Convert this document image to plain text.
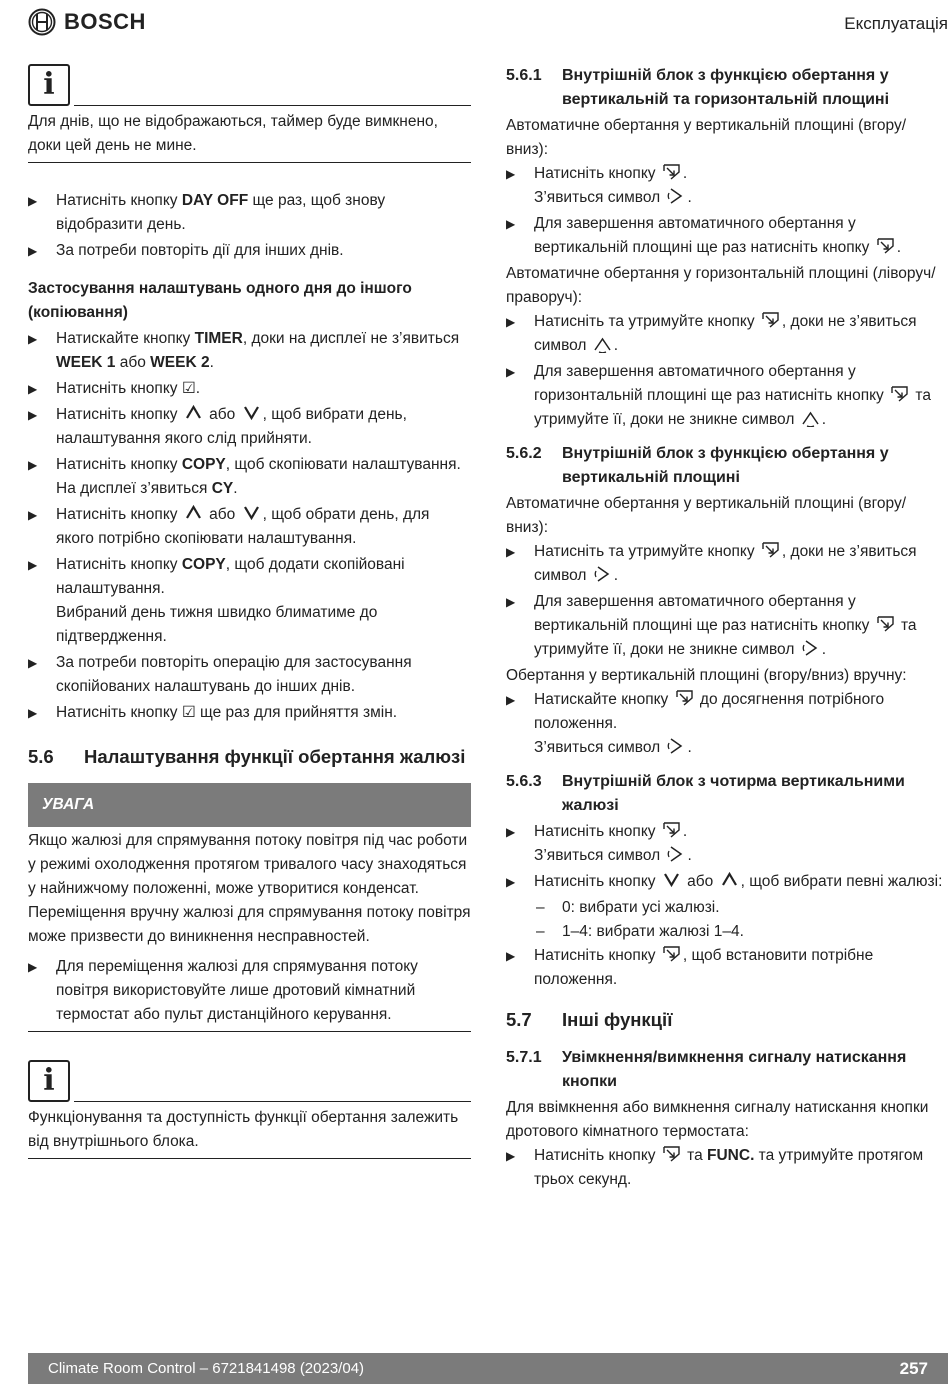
BOSCH	Експлуатація
i
Для днів, що не відображаються, таймер буде вимкнено, доки цей день не мине.
▶ Натисніть кнопку DAY OFF ще раз, щоб знову відобразити день.
▶ За потреби повторіть дії для інших днів.
Застосування налаштувань одного дня до іншого (копіювання)
▶ Натискайте кнопку TIMER, доки на дисплеї не з’явиться WEEK 1 або WEEK 2.
▶ Натисніть кнопку ☑.
▶ Натисніть кнопку  або , щоб вибрати день, налаштування якого слід прийняти.
▶ Натисніть кнопку COPY, щоб скопіювати налаштування.
На дисплеї з’явиться CY.
▶ Натисніть кнопку  або , щоб обрати день, для якого потрібно скопіювати налаштування.
▶ Натисніть кнопку COPY, щоб додати скопійовані налаштування.
Вибраний день тижня швидко блиматиме до підтвердження.
▶ За потреби повторіть операцію для застосування скопійованих налаштувань до інших днів.
▶ Натисніть кнопку ☑ ще раз для прийняття змін.
5.6	Налаштування функції обертання жалюзі
УВАГА
Якщо жалюзі для спрямування потоку повітря під час роботи у режимі охолодження протягом тривалого часу знаходяться у найнижчому положенні, може утворитися конденсат. Переміщення вручну жалюзі для спрямування потоку повітря може призвести до виникнення несправностей.
▶ Для переміщення жалюзі для спрямування потоку повітря використовуйте лише дротовий кімнатний термостат або пульт дистанційного керування.
i
Функціонування та доступність функції обертання залежить від внутрішнього блока.
5.6.1	Внутрішній блок з функцією обертання у вертикальній та горизонтальній площині

Автоматичне обертання у вертикальній площині (вгору/вниз):

▶ Натисніть кнопку .
З’явиться символ .
▶ Для завершення автоматичного обертання у вертикальній площині ще раз натисніть кнопку .

Автоматичне обертання у горизонтальній площині (ліворуч/праворуч):

▶ Натисніть та утримуйте кнопку , доки не з’явиться символ .
▶ Для завершення автоматичного обертання у горизонтальній площині ще раз натисніть кнопку  та утримуйте її, доки не зникне символ .
5.6.2	Внутрішній блок з функцією обертання у вертикальній площині

Автоматичне обертання у вертикальній площині (вгору/вниз):

▶ Натисніть та утримуйте кнопку , доки не з’явиться символ .
▶ Для завершення автоматичного обертання у вертикальній площині ще раз натисніть кнопку  та утримуйте її, доки не зникне символ .

Обертання у вертикальній площині (вгору/вниз) вручну:

▶ Натискайте кнопку  до досягнення потрібного положення.
З’явиться символ .
5.6.3	Внутрішній блок з чотирма вертикальними жалюзі
▶ Натисніть кнопку .
З’явиться символ .
▶ Натисніть кнопку  або , щоб вибрати певні жалюзі:
– 0: вибрати усі жалюзі.
– 1–4: вибрати жалюзі 1–4.
▶ Натисніть кнопку , щоб встановити потрібне положення.
5.7	Інші функції
5.7.1	Увімкнення/вимкнення сигналу натискання кнопки

Для ввімкнення або вимкнення сигналу натискання кнопки дротового кімнатного термостата:

▶ Натисніть кнопку  та FUNC. та утримуйте протягом трьох секунд.
Climate Room Control – 6721841498 (2023/04)	257
